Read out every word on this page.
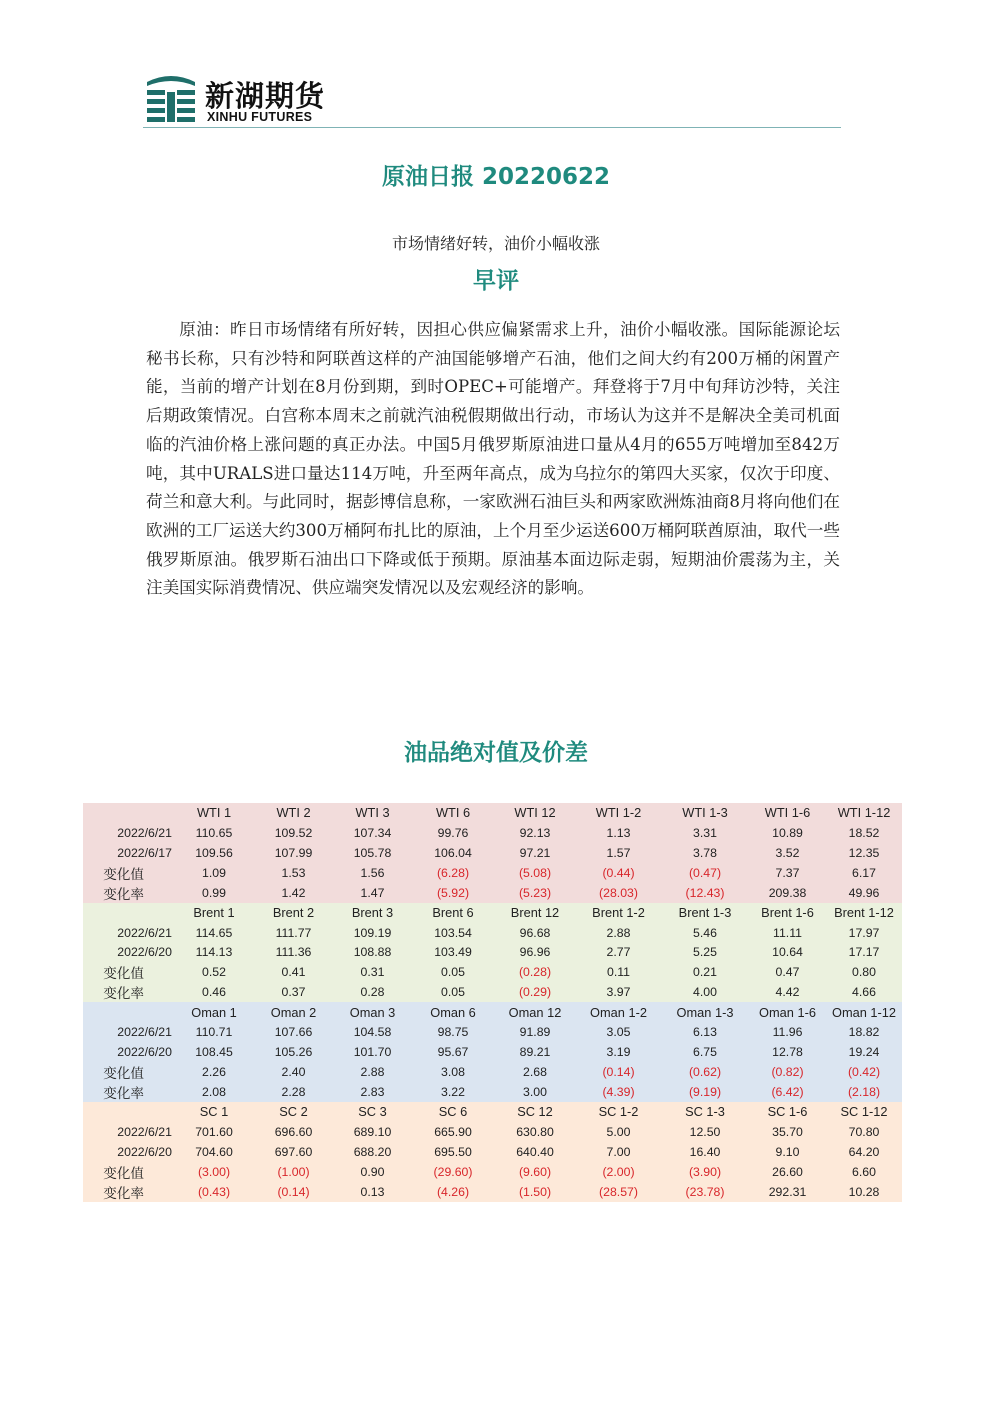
新湖期货
XINHU FUTURES
原油日报 20220622
市场情绪好转，油价小幅收涨
早评

原油：昨日市场情绪有所好转，因担心供应偏紧需求上升，油价小幅收涨。国际能源论坛秘书长称，只有沙特和阿联酋这样的产油国能够增产石油，他们之间大约有200万桶的闲置产能，当前的增产计划在8月份到期，到时OPEC+可能增产。拜登将于7月中旬拜访沙特，关注后期政策情况。白宫称本周末之前就汽油税假期做出行动，市场认为这并不是解决全美司机面临的汽油价格上涨问题的真正办法。中国5月俄罗斯原油进口量从4月的655万吨增加至842万吨，其中URALS进口量达114万吨，升至两年高点，成为乌拉尔的第四大买家，仅次于印度、荷兰和意大利。与此同时，据彭博信息称，一家欧洲石油巨头和两家欧洲炼油商8月将向他们在欧洲的工厂运送大约300万桶阿布扎比的原油，上个月至少运送600万桶阿联酋原油，取代一些俄罗斯原油。俄罗斯石油出口下降或低于预期。原油基本面边际走弱，短期油价震荡为主，关注美国实际消费情况、供应端突发情况以及宏观经济的影响。

油品绝对值及价差
	WTI 1	WTI 2	WTI 3	WTI 6	WTI 12	WTI 1-2	WTI 1-3	WTI 1-6	WTI 1-12
2022/6/21	110.65	109.52	107.34	99.76	92.13	1.13	3.31	10.89	18.52
2022/6/17	109.56	107.99	105.78	106.04	97.21	1.57	3.78	3.52	12.35
变化值	1.09	1.53	1.56	(6.28)	(5.08)	(0.44)	(0.47)	7.37	6.17
变化率	0.99	1.42	1.47	(5.92)	(5.23)	(28.03)	(12.43)	209.38	49.96
	Brent 1	Brent 2	Brent 3	Brent 6	Brent 12	Brent 1-2	Brent 1-3	Brent 1-6	Brent 1-12
2022/6/21	114.65	111.77	109.19	103.54	96.68	2.88	5.46	11.11	17.97
2022/6/20	114.13	111.36	108.88	103.49	96.96	2.77	5.25	10.64	17.17
变化值	0.52	0.41	0.31	0.05	(0.28)	0.11	0.21	0.47	0.80
变化率	0.46	0.37	0.28	0.05	(0.29)	3.97	4.00	4.42	4.66
	Oman 1	Oman 2	Oman 3	Oman 6	Oman 12	Oman 1-2	Oman 1-3	Oman 1-6	Oman 1-12
2022/6/21	110.71	107.66	104.58	98.75	91.89	3.05	6.13	11.96	18.82
2022/6/20	108.45	105.26	101.70	95.67	89.21	3.19	6.75	12.78	19.24
变化值	2.26	2.40	2.88	3.08	2.68	(0.14)	(0.62)	(0.82)	(0.42)
变化率	2.08	2.28	2.83	3.22	3.00	(4.39)	(9.19)	(6.42)	(2.18)
	SC 1	SC 2	SC 3	SC 6	SC 12	SC 1-2	SC 1-3	SC 1-6	SC 1-12
2022/6/21	701.60	696.60	689.10	665.90	630.80	5.00	12.50	35.70	70.80
2022/6/20	704.60	697.60	688.20	695.50	640.40	7.00	16.40	9.10	64.20
变化值	(3.00)	(1.00)	0.90	(29.60)	(9.60)	(2.00)	(3.90)	26.60	6.60
变化率	(0.43)	(0.14)	0.13	(4.26)	(1.50)	(28.57)	(23.78)	292.31	10.28
